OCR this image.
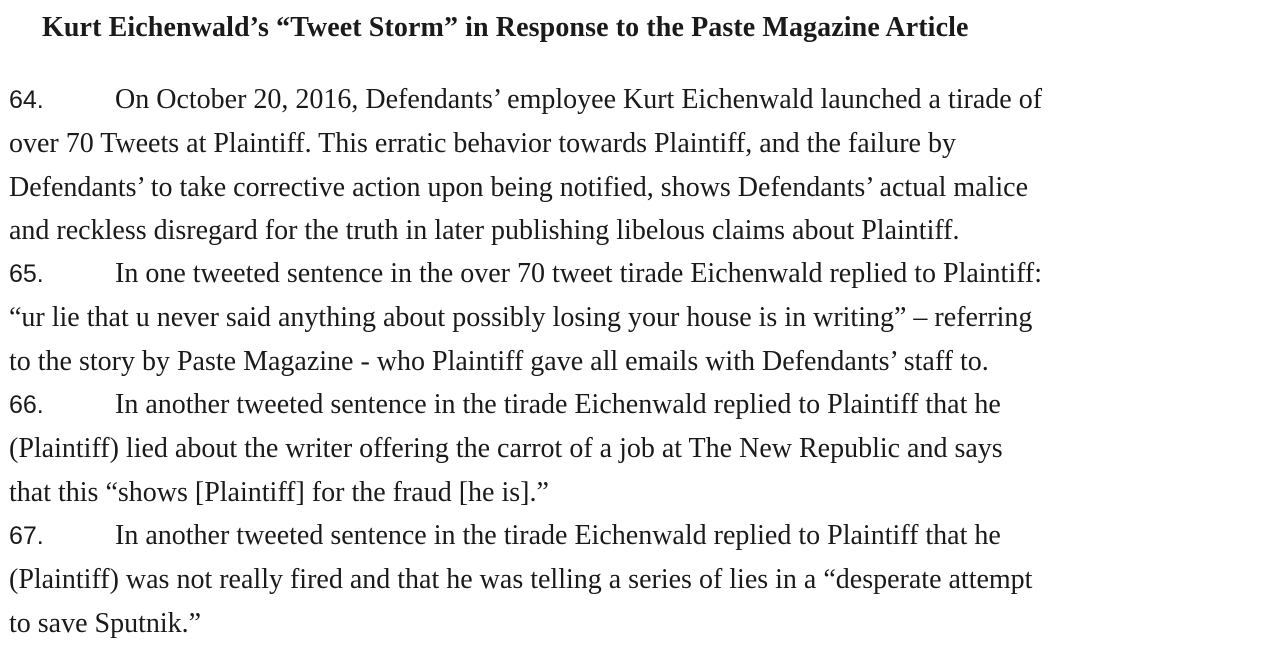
Kurt Eichenwald’s “Tweet Storm” in Response to the Paste Magazine Article

64.	On October 20, 2016, Defendants’ employee Kurt Eichenwald launched a tirade of
over 70 Tweets at Plaintiff. This erratic behavior towards Plaintiff, and the failure by
Defendants’ to take corrective action upon being notified, shows Defendants’ actual malice
and reckless disregard for the truth in later publishing libelous claims about Plaintiff.

65.	In one tweeted sentence in the over 70 tweet tirade Eichenwald replied to Plaintiff:
“ur lie that u never said anything about possibly losing your house is in writing” – referring
to the story by Paste Magazine - who Plaintiff gave all emails with Defendants’ staff to.

66.	In another tweeted sentence in the tirade Eichenwald replied to Plaintiff that he
(Plaintiff) lied about the writer offering the carrot of a job at The New Republic and says
that this “shows [Plaintiff] for the fraud [he is].”

67.	In another tweeted sentence in the tirade Eichenwald replied to Plaintiff that he
(Plaintiff) was not really fired and that he was telling a series of lies in a “desperate attempt
to save Sputnik.”
